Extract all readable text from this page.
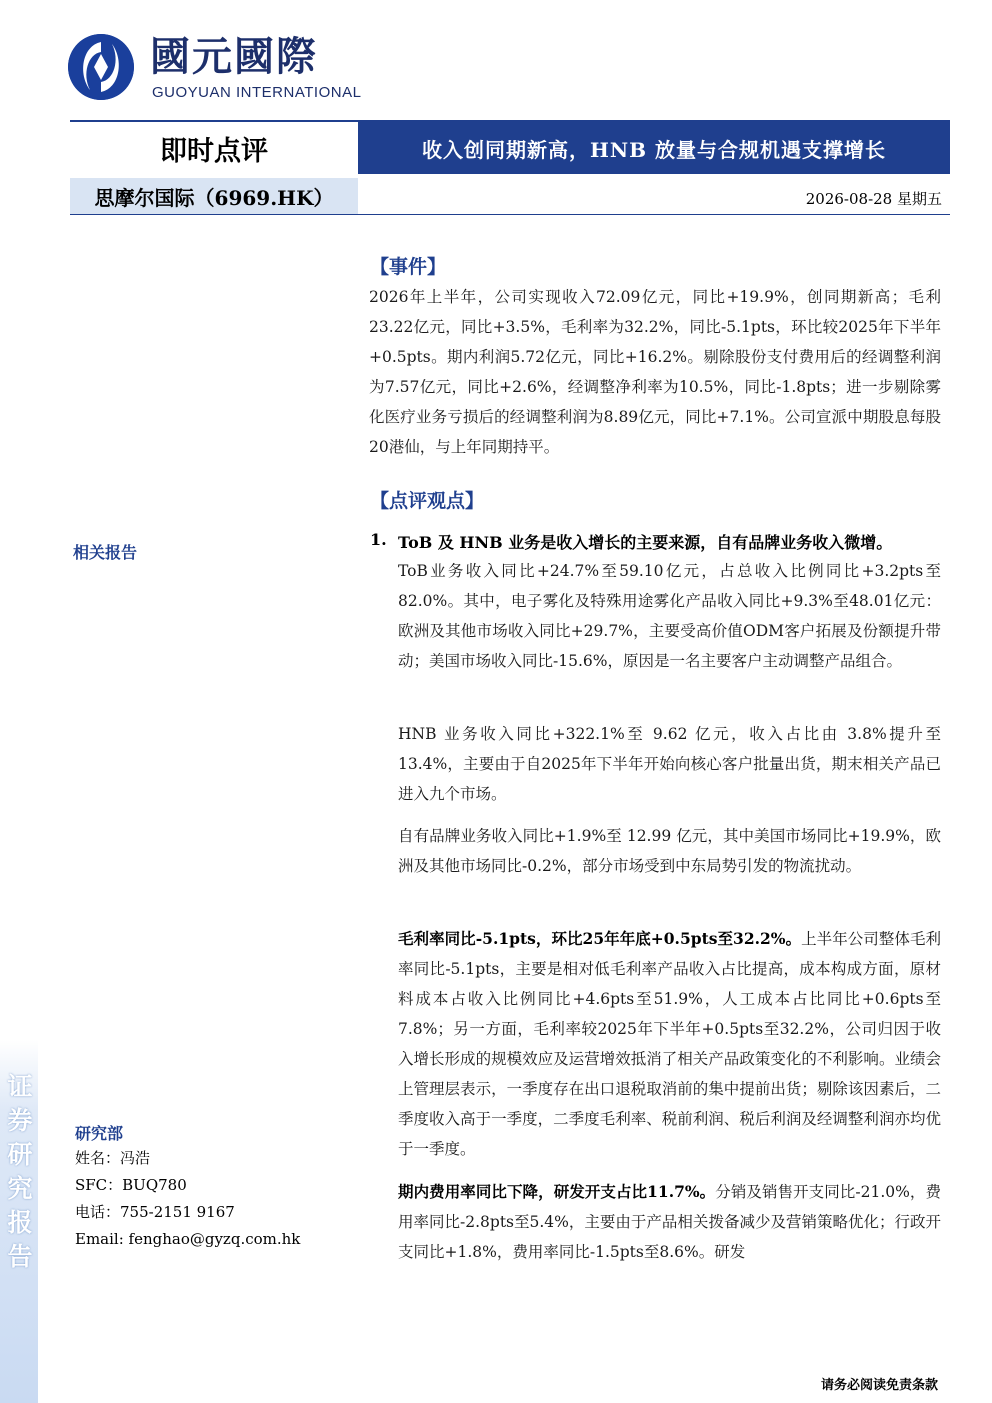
证券研究报告
國元國際
GUOYUAN INTERNATIONAL
即时点评	收入创同期新高，HNB 放量与合规机遇支撑增长
思摩尔国际（6969.HK）	2026-08-28 星期五
相关报告
研究部
姓名：冯浩
SFC：BUQ780
电话：755-2151 9167
Email: fenghao@gyzq.com.hk
【事件】
2026年上半年，公司实现收入72.09亿元，同比+19.9%，创同期新高；毛利23.22亿元，同比+3.5%，毛利率为32.2%，同比-5.1pts，环比较2025年下半年+0.5pts。期内利润5.72亿元，同比+16.2%。剔除股份支付费用后的经调整利润为7.57亿元，同比+2.6%，经调整净利率为10.5%，同比-1.8pts；进一步剔除雾化医疗业务亏损后的经调整利润为8.89亿元，同比+7.1%。公司宣派中期股息每股20港仙，与上年同期持平。
【点评观点】
1. ToB 及 HNB 业务是收入增长的主要来源，自有品牌业务收入微增。
ToB业务收入同比+24.7%至59.10亿元，占总收入比例同比+3.2pts至82.0%。其中，电子雾化及特殊用途雾化产品收入同比+9.3%至48.01亿元：欧洲及其他市场收入同比+29.7%，主要受高价值ODM客户拓展及份额提升带动；美国市场收入同比-15.6%，原因是一名主要客户主动调整产品组合。
HNB 业务收入同比+322.1%至 9.62 亿元，收入占比由 3.8%提升至13.4%，主要由于自2025年下半年开始向核心客户批量出货，期末相关产品已进入九个市场。
自有品牌业务收入同比+1.9%至 12.99 亿元，其中美国市场同比+19.9%，欧洲及其他市场同比-0.2%，部分市场受到中东局势引发的物流扰动。
毛利率同比-5.1pts，环比25年年底+0.5pts至32.2%。上半年公司整体毛利率同比-5.1pts，主要是相对低毛利率产品收入占比提高，成本构成方面，原材料成本占收入比例同比+4.6pts至51.9%，人工成本占比同比+0.6pts至7.8%；另一方面，毛利率较2025年下半年+0.5pts至32.2%，公司归因于收入增长形成的规模效应及运营增效抵消了相关产品政策变化的不利影响。业绩会上管理层表示，一季度存在出口退税取消前的集中提前出货；剔除该因素后，二季度收入高于一季度，二季度毛利率、税前利润、税后利润及经调整利润亦均优于一季度。
期内费用率同比下降，研发开支占比11.7%。分销及销售开支同比-21.0%，费用率同比-2.8pts至5.4%，主要由于产品相关拨备减少及营销策略优化；行政开支同比+1.8%，费用率同比-1.5pts至8.6%。研发
请务必阅读免责条款
